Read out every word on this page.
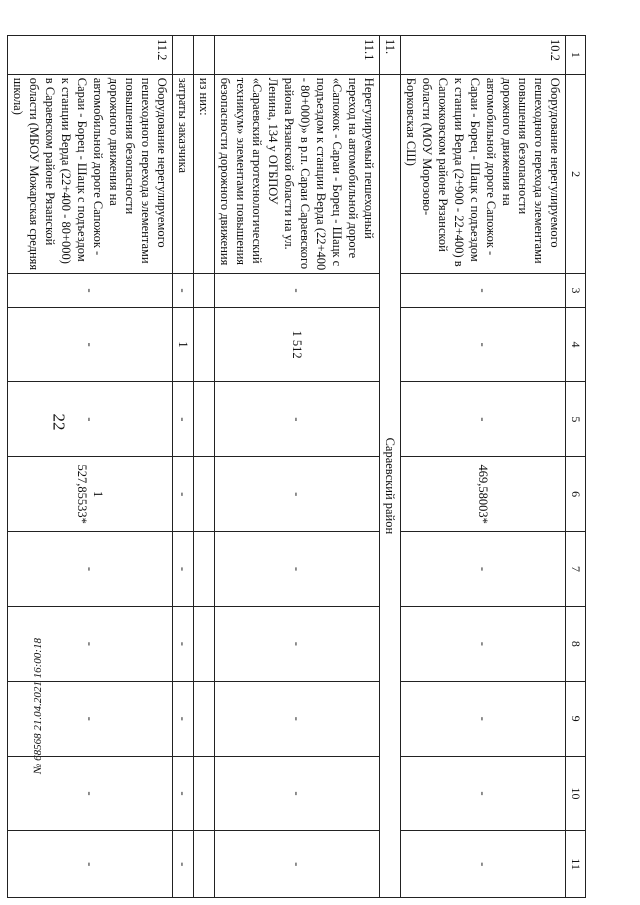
22
1	2	3	4	5	6	7	8	9	10	11
10.2	Оборудование нерегулируемого пешеходного перехода элементами повышения безопасности дорожного движения на автомобильной дороге Сапожок - Сараи - Борец - Шацк с подъездом к станции Верда (2+900 - 22+400) в Сапожковском районе Рязанской области (МОУ Морозово-Борковская СШ)	-	-	-	469,58003*	-	-	-	-	-
11.	Сараевский район									
11.1	Нерегулируемый пешеходный переход на автомобильной дороге «Сапожок - Сараи - Борец - Шацк с подъездом к станции Верда (22+400 - 80+000)» в р.п. Сараи Сараевского района Рязанской области на ул. Ленина, 134 у ОГБПОУ «Сараевский агротехнологический техникум» элементами повышения безопасности дорожного движения	-	1 512	-	-	-	-	-	-	-
	из них:									
	затраты заказчика	-	1	-	-	-	-	-	-	-
11.2	Оборудование нерегулируемого пешеходного перехода элементами повышения безопасности дорожного движения на автомобильной дороге Сапожок - Сараи - Борец - Шацк с подъездом к станции Верда (22+400 - 80+000) в Сараевском районе Рязанской области (МБОУ Можарская средняя школа)	-	-	-	1 527,85533*	-	-	-	-	-
№ 68568 21.04.2021 16:00:18
